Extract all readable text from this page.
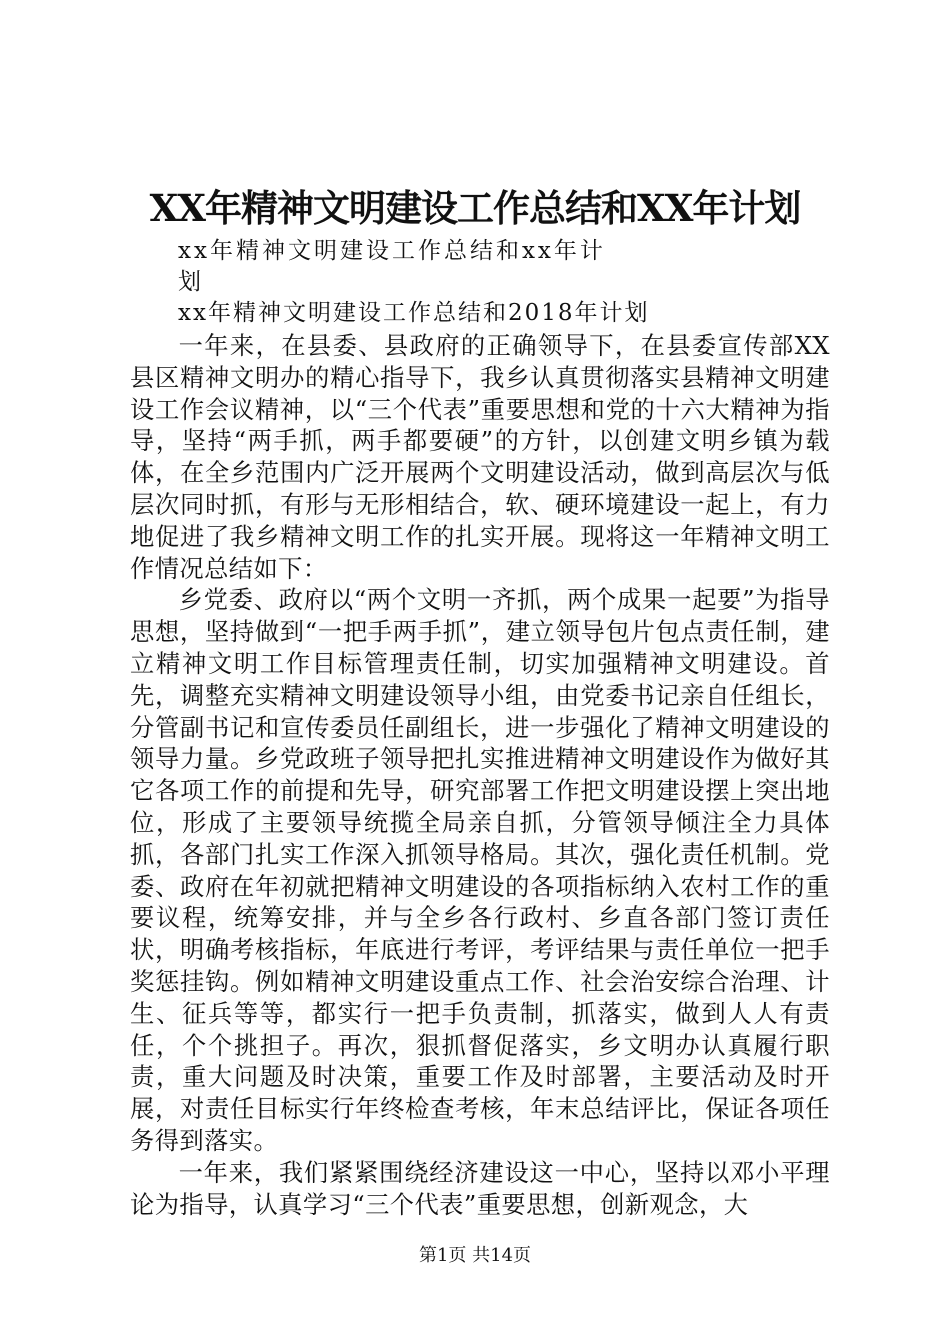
XX年精神文明建设工作总结和XX年计划
xx年精神文明建设工作总结和xx年计
划
xx年精神文明建设工作总结和2018年计划

一年来，在县委、县政府的正确领导下，在县委宣传部XX县区精神文明办的精心指导下，我乡认真贯彻落实县精神文明建设工作会议精神，以“三个代表”重要思想和党的十六大精神为指导，坚持“两手抓，两手都要硬”的方针，以创建文明乡镇为载体，在全乡范围内广泛开展两个文明建设活动，做到高层次与低层次同时抓，有形与无形相结合，软、硬环境建设一起上，有力地促进了我乡精神文明工作的扎实开展。现将这一年精神文明工作情况总结如下：

乡党委、政府以“两个文明一齐抓，两个成果一起要”为指导思想，坚持做到“一把手两手抓”，建立领导包片包点责任制，建立精神文明工作目标管理责任制，切实加强精神文明建设。首先，调整充实精神文明建设领导小组，由党委书记亲自任组长，分管副书记和宣传委员任副组长，进一步强化了精神文明建设的领导力量。乡党政班子领导把扎实推进精神文明建设作为做好其它各项工作的前提和先导，研究部署工作把文明建设摆上突出地位，形成了主要领导统揽全局亲自抓，分管领导倾注全力具体抓，各部门扎实工作深入抓领导格局。其次，强化责任机制。党委、政府在年初就把精神文明建设的各项指标纳入农村工作的重要议程，统筹安排，并与全乡各行政村、乡直各部门签订责任状，明确考核指标，年底进行考评，考评结果与责任单位一把手奖惩挂钩。例如精神文明建设重点工作、社会治安综合治理、计生、征兵等等，都实行一把手负责制，抓落实，做到人人有责任，个个挑担子。再次，狠抓督促落实，乡文明办认真履行职责，重大问题及时决策，重要工作及时部署，主要活动及时开展，对责任目标实行年终检查考核，年末总结评比，保证各项任务得到落实。

一年来，我们紧紧围绕经济建设这一中心，坚持以邓小平理论为指导，认真学习“三个代表”重要思想，创新观念，大

第1页 共14页
